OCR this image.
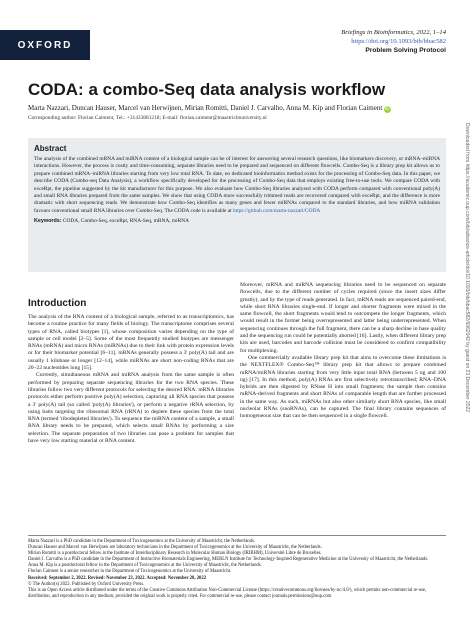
OXFORD
Briefings in Bioinformatics, 2022, 1–14
https://doi.org/10.1093/bib/bbac582
Problem Solving Protocol
CODA: a combo-Seq data analysis workflow
Marta Nazzari, Duncan Hauser, Marcel van Herwijnen, Mirian Romitti, Daniel J. Carvalho, Anna M. Kip and Florian Caiment iD
Corresponding author: Florian Caiment, Tel.: +31433881218; E-mail: florian.caiment@maastrichtuniversity.nl
Abstract
The analysis of the combined mRNA and miRNA content of a biological sample can be of interest for answering several research questions, like biomarkers discovery, or mRNA–miRNA interactions. However, the process is costly and time-consuming, separate libraries need to be prepared and sequenced on different flowcells. Combo-Seq is a library prep kit allows us to prepare combined mRNA–miRNA libraries starting from very low total RNA. To date, no dedicated bioinformatics method exists for the processing of Combo-Seq data. In this paper, we describe CODA (Combo-seq Data Analysis), a workflow specifically developed for the processing of Combo-Seq data that employs existing free-to-use tools. We compare CODA with exceRpt, the pipeline suggested by the kit manufacturer for this purpose. We also evaluate how Combo-Seq libraries analysed with CODA perform compared with conventional poly(A) and small RNA libraries prepared from the same samples. We show that using CODA more successfully trimmed reads are recovered compared with exceRpt, and the difference is more dramatic with short sequencing reads. We demonstrate how Combo-Seq identifies as many genes and fewer miRNAs compared to the standard libraries, and how miRNA validation favours conventional small RNA libraries over Combo-Seq. The CODA code is available at https://github.com/marta-nazzari/CODA
Keywords: CODA, Combo-Seq, exceRpt, RNA-Seq, mRNA, miRNA	Downloaded from https://academic.oup.com/bib/advance-article/doi/10.1093/bib/bbac582/6962042 by guest on 23 December 2022
Introduction

The analysis of the RNA content of a biological sample, referred to as transcriptomics, has become a routine practice for many fields of biology. The transcriptome comprises several types of RNA, called biotypes [1], whose composition varies depending on the type of sample or cell model [2–5]. Some of the most frequently studied biotypes are messenger RNAs (mRNA) and micro RNAs (miRNAs) due to their link with protein expression levels or for their biomarker potential [6–11]. mRNAs generally possess a 3' poly(A) tail and are usually 1 kilobase or longer [12–14], while miRNAs are short non-coding RNAs that are 20–22 nucleotides long [15].

Currently, simultaneous mRNA and miRNA analysis from the same sample is often performed by preparing separate sequencing libraries for the two RNA species. These libraries follow two very different protocols for selecting the desired RNA: mRNA libraries protocols either perform positive poly(A) selection, capturing all RNA species that possess a 3' poly(A) tail (so called 'poly(A) libraries'), or perform a negative rRNA selection, by using baits targeting the ribosomal RNA (rRNA) to deplete these species from the total RNA (termed 'ribodepleted libraries'). To sequence the miRNA content of a sample, a small RNA library needs to be prepared, which selects small RNAs by performing a size selection. The separate preparation of two libraries can pose a problem for samples that have very low starting material or RNA content.

Moreover, mRNA and miRNA sequencing libraries need to be sequenced on separate flowcells, due to the different number of cycles required (since the insert sizes differ greatly), and by the type of reads generated. In fact, mRNA reads are sequenced paired-end, while short RNA libraries single-end. If longer and shorter fragments were mixed in the same flowcell, the short fragments would tend to outcompete the longer fragments, which would result in the former being overrepresented and latter being underrepresented. When sequencing continues through the full fragment, there can be a sharp decline in base quality and the sequencing run could be potentially aborted [16]. Lastly, when different library prep kits are used, barcodes and barcode collision must be considered to confirm compatibility for multiplexing.

One commercially available library prep kit that aims to overcome these limitations is the NEXTFLEX® Combo-Seq™ library prep kit that allows to prepare combined mRNA/miRNA libraries starting from very little input total RNA (between 5 ng and 100 ng) [17]. In this method, poly(A) RNAs are first selectively retrotranscribed; RNA–DNA hybrids are then digested by RNase H into small fragments; the sample then contains mRNA-derived fragments and short RNAs of comparable length that are further processed in the same way. As such, miRNAs but also other similarly short RNA species, like small nucleolar RNAs (snoRNAs), can be captured. The final library contains sequences of homogeneous size that can be then sequenced in a single flowcell.

Marta Nazzari is a PhD candidate in the Department of Toxicogenomics at the University of Maastricht, the Netherlands.
Duncan Hauser and Marcel van Herwijnen are laboratory technicians in the Department of Toxicogenomics at the University of Maastricht, the Netherlands.
Mirian Romitti is a postdoctoral fellow at the Institute of Interdisciplinary Research in Molecular Human Biology (IRIBHM), Université Libre de Bruxelles.
Daniel J. Carvalho is a PhD candidate in the Department of Instructive Biomaterials Engineering, MERLN Institute for Technology-Inspired Regenerative Medicine at the University of Maastricht, the Netherlands.
Anna M. Kip is a postdoctoral fellow in the Department of Toxicogenomics at the University of Maastricht, the Netherlands.
Florian Caiment is a senior researcher in the Department of Toxicogenomics at the University of Maastricht.
Received: September 2, 2022. Revised: November 23, 2022. Accepted: November 28, 2022
© The Author(s) 2022. Published by Oxford University Press.
This is an Open Access article distributed under the terms of the Creative Commons Attribution Non-Commercial License (https://creativecommons.org/licenses/by-nc/4.0/), which permits non-commercial re-use, distribution, and reproduction in any medium, provided the original work is properly cited. For commercial re-use, please contact journals.permissions@oup.com
